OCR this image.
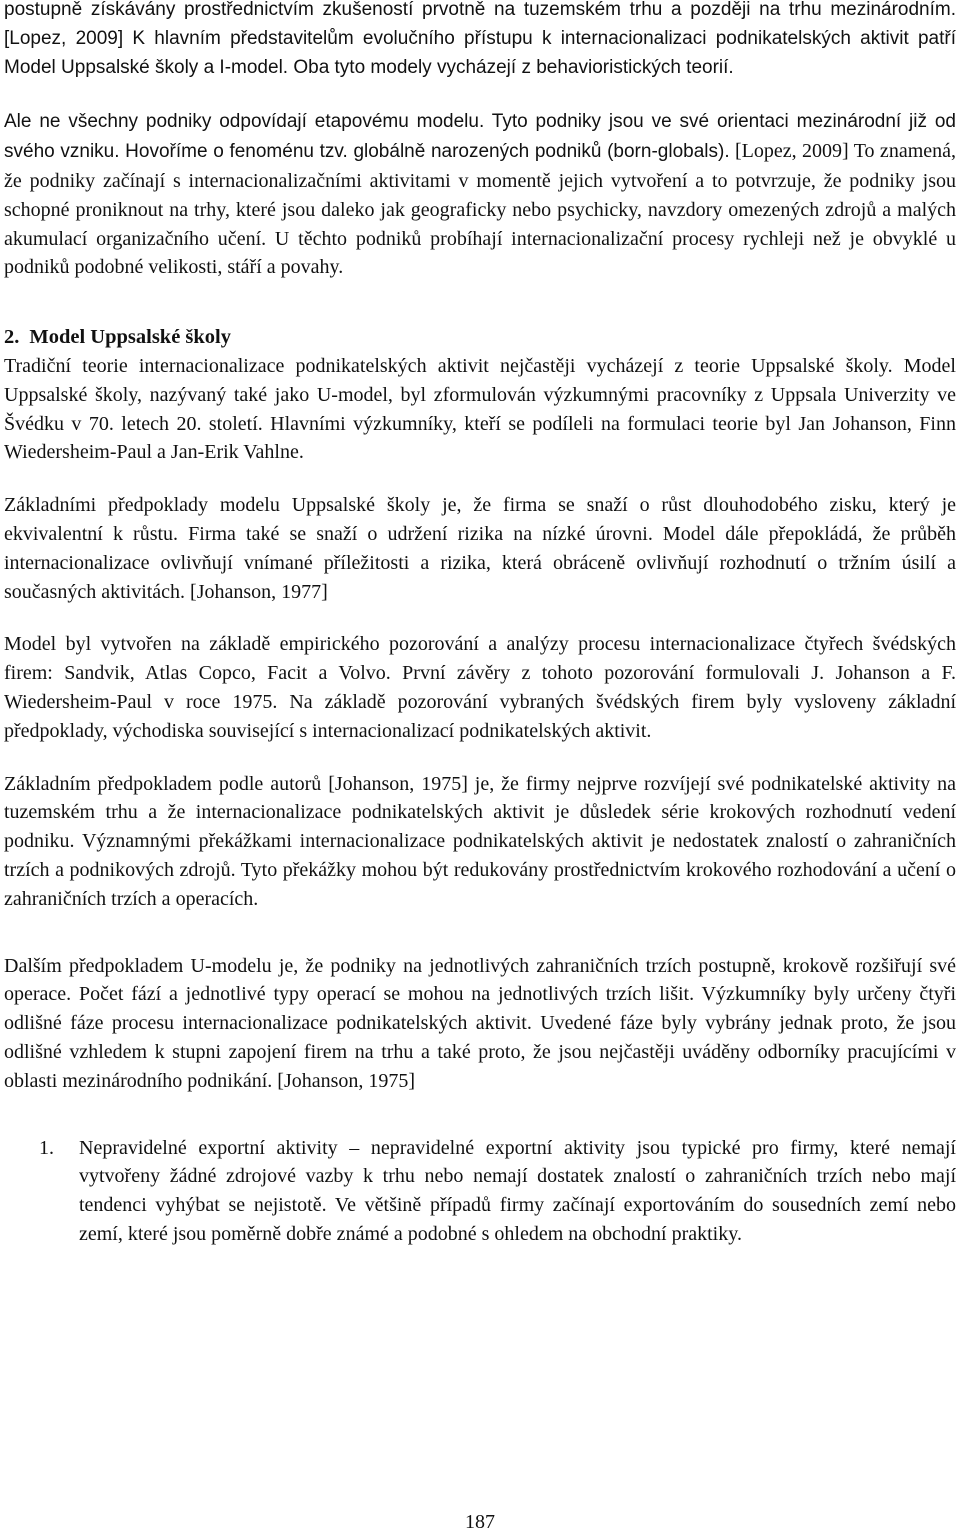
postupně získávány prostřednictvím zkušeností prvotně na tuzemském trhu a později na trhu mezinárodním. [Lopez, 2009] K hlavním představitelům evolučního přístupu k internacionalizaci podnikatelských aktivit patří Model Uppsalské školy a I-model. Oba tyto modely vycházejí z behavioristických teorií.

Ale ne všechny podniky odpovídají etapovému modelu. Tyto podniky jsou ve své orientaci mezinárodní již od svého vzniku. Hovoříme o fenoménu tzv. globálně narozených podniků (born-globals). [Lopez, 2009] To znamená, že podniky začínají s internacionalizačními aktivitami v momentě jejich vytvoření a to potvrzuje, že podniky jsou schopné proniknout na trhy, které jsou daleko jak geograficky nebo psychicky, navzdory omezených zdrojů a malých akumulací organizačního učení. U těchto podniků probíhají internacionalizační procesy rychleji než je obvyklé u podniků podobné velikosti, stáří a povahy.

2. Model Uppsalské školy

Tradiční teorie internacionalizace podnikatelských aktivit nejčastěji vycházejí z teorie Uppsalské školy. Model Uppsalské školy, nazývaný také jako U-model, byl zformulován výzkumnými pracovníky z Uppsala Univerzity ve Švédku v 70. letech 20. století. Hlavními výzkumníky, kteří se podíleli na formulaci teorie byl Jan Johanson, Finn Wiedersheim-Paul a Jan-Erik Vahlne.

Základními předpoklady modelu Uppsalské školy je, že firma se snaží o růst dlouhodobého zisku, který je ekvivalentní k růstu. Firma také se snaží o udržení rizika na nízké úrovni. Model dále přepokládá, že průběh internacionalizace ovlivňují vnímané příležitosti a rizika, která obráceně ovlivňují rozhodnutí o tržním úsilí a současných aktivitách. [Johanson, 1977]

Model byl vytvořen na základě empirického pozorování a analýzy procesu internacionalizace čtyřech švédských firem: Sandvik, Atlas Copco, Facit a Volvo. První závěry z tohoto pozorování formulovali J. Johanson a F. Wiedersheim-Paul v roce 1975. Na základě pozorování vybraných švédských firem byly vysloveny základní předpoklady, východiska související s internacionalizací podnikatelských aktivit.

Základním předpokladem podle autorů [Johanson, 1975] je, že firmy nejprve rozvíjejí své podnikatelské aktivity na tuzemském trhu a že internacionalizace podnikatelských aktivit je důsledek série krokových rozhodnutí vedení podniku. Významnými překážkami internacionalizace podnikatelských aktivit je nedostatek znalostí o zahraničních trzích a podnikových zdrojů. Tyto překážky mohou být redukovány prostřednictvím krokového rozhodování a učení o zahraničních trzích a operacích.

Dalším předpokladem U-modelu je, že podniky na jednotlivých zahraničních trzích postupně, krokově rozšiřují své operace. Počet fází a jednotlivé typy operací se mohou na jednotlivých trzích lišit. Výzkumníky byly určeny čtyři odlišné fáze procesu internacionalizace podnikatelských aktivit. Uvedené fáze byly vybrány jednak proto, že jsou odlišné vzhledem k stupni zapojení firem na trhu a také proto, že jsou nejčastěji uváděny odborníky pracujícími v oblasti mezinárodního podnikání. [Johanson, 1975]

1. Nepravidelné exportní aktivity – nepravidelné exportní aktivity jsou typické pro firmy, které nemají vytvořeny žádné zdrojové vazby k trhu nebo nemají dostatek znalostí o zahraničních trzích nebo mají tendenci vyhýbat se nejistotě. Ve většině případů firmy začínají exportováním do sousedních zemí nebo zemí, které jsou poměrně dobře známé a podobné s ohledem na obchodní praktiky.
187
